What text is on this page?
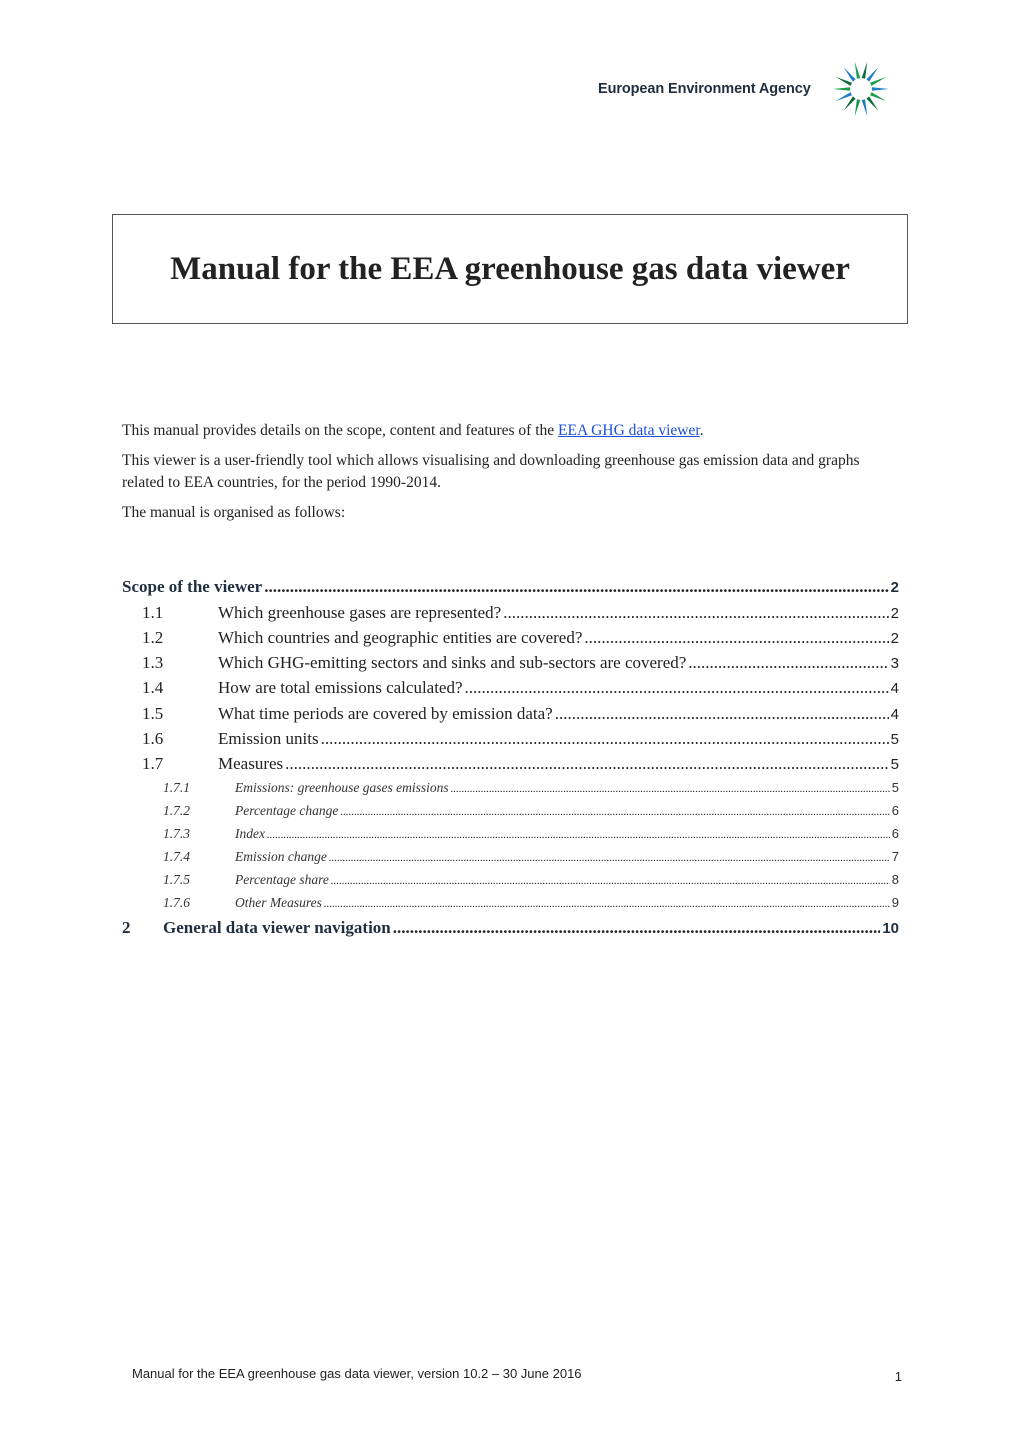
European Environment Agency
Manual for the EEA greenhouse gas data viewer

This manual provides details on the scope, content and features of the EEA GHG data viewer.

This viewer is a user-friendly tool which allows visualising and downloading greenhouse gas emission data and graphs related to EEA countries, for the period 1990-2014.

The manual is organised as follows:

Scope of the viewer .....	2
1.1	Which greenhouse gases are represented? .....	2
1.2	Which countries and geographic entities are covered? .....	2
1.3	Which GHG-emitting sectors and sinks and sub-sectors are covered? .....	3
1.4	How are total emissions calculated? .....	4
1.5	What time periods are covered by emission data? .....	4
1.6	Emission units .....	5
1.7	Measures .....	5
1.7.1	Emissions: greenhouse gases emissions .....	5
1.7.2	Percentage change .....	6
1.7.3	Index .....	6
1.7.4	Emission change .....	7
1.7.5	Percentage share .....	8
1.7.6	Other Measures .....	9
2	General data viewer navigation .....	10
Manual for the EEA greenhouse gas data viewer, version 10.2 – 30 June 2016	1
